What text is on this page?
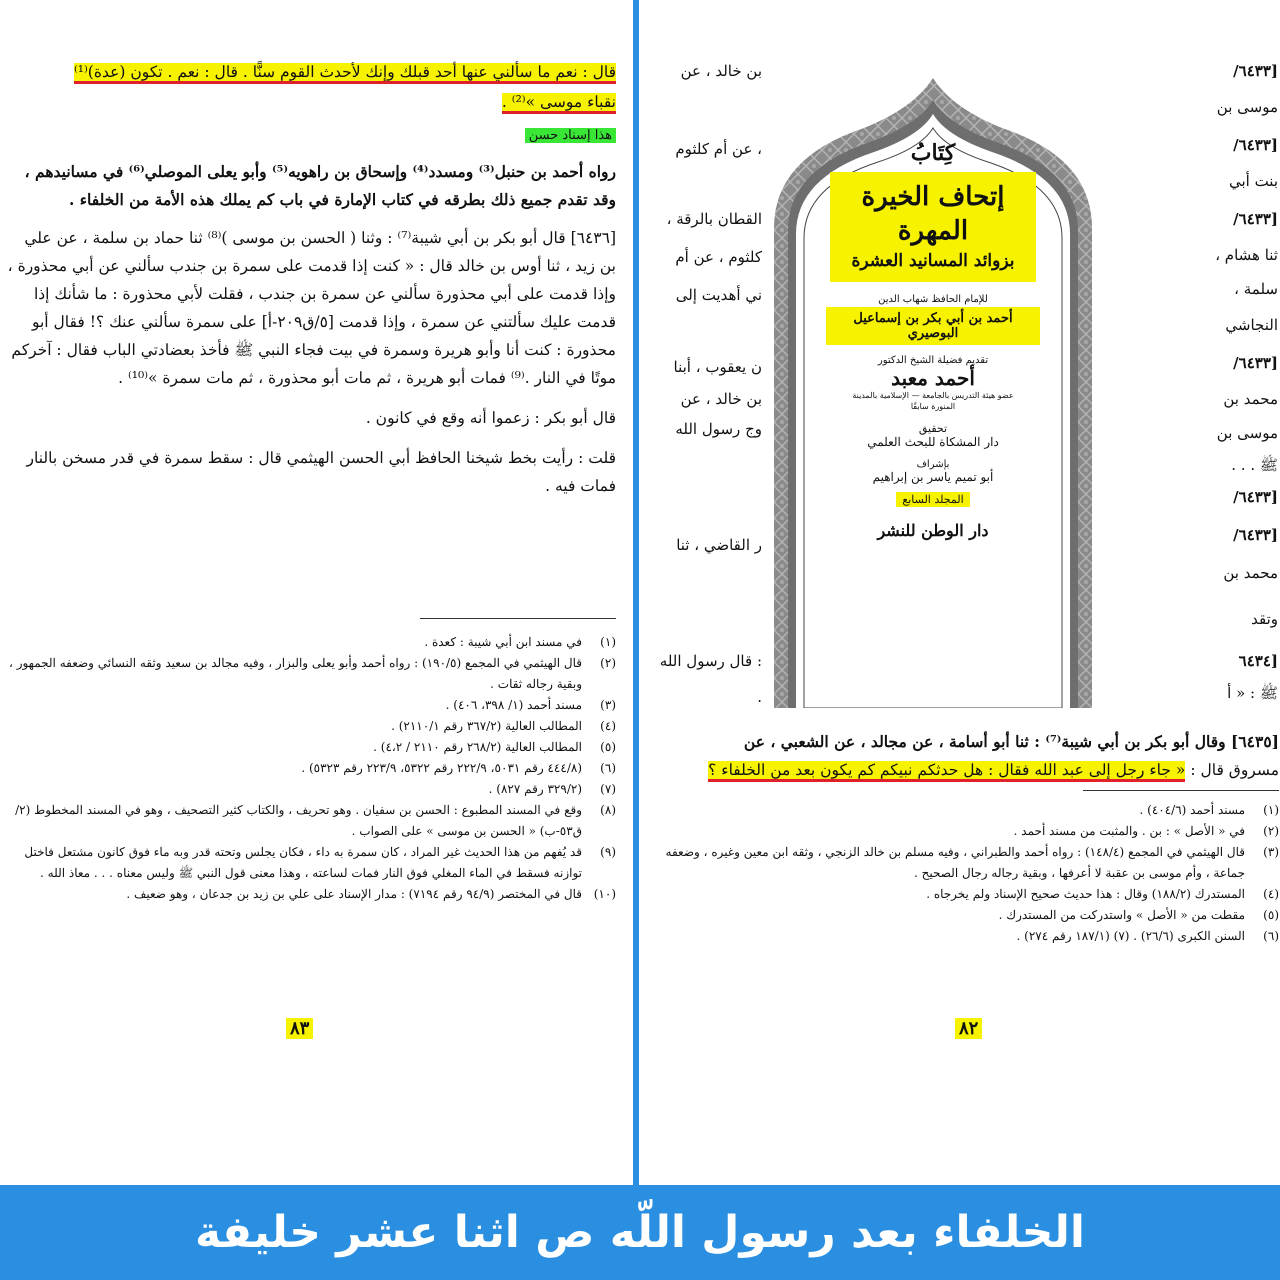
قال : نعم ما سألني عنها أحد قبلك وإنك لأحدث القوم سنًّا . قال : نعم . تكون (عدة)⁽¹⁾

نقباء موسى »⁽²⁾ .

هذا إسناد حسن

رواه أحمد بن حنبل⁽³⁾ ومسدد⁽⁴⁾ وإسحاق بن راهويه⁽⁵⁾ وأبو يعلى الموصلي⁽⁶⁾ في مسانيدهم ، وقد تقدم جميع ذلك بطرقه في كتاب الإمارة في باب كم يملك هذه الأمة من الخلفاء .

[٦٤٣٦] قال أبو بكر بن أبي شيبة⁽⁷⁾ : وثنا ( الحسن بن موسى )⁽⁸⁾ ثنا حماد بن سلمة ، عن علي بن زيد ، ثنا أوس بن خالد قال : « كنت إذا قدمت على سمرة بن جندب سألني عن أبي محذورة ، وإذا قدمت على أبي محذورة سألني عن سمرة بن جندب ، فقلت لأبي محذورة : ما شأنك إذا قدمت عليك سألتني عن سمرة ، وإذا قدمت [٥/ق٢٠٩-أ] على سمرة سألني عنك ؟! فقال أبو محذورة : كنت أنا وأبو هريرة وسمرة في بيت فجاء النبي ﷺ فأخذ بعضادتي الباب فقال : آخركم موتًا في النار .⁽⁹⁾ فمات أبو هريرة ، ثم مات أبو محذورة ، ثم مات سمرة »⁽¹⁰⁾ .

قال أبو بكر : زعموا أنه وقع في كانون .

قلت : رأيت بخط شيخنا الحافظ أبي الحسن الهيثمي قال : سقط سمرة في قدر مسخن بالنار فمات فيه .

(١)
في مسند ابن أبي شيبة : كعدة .
(٢)
قال الهيثمي في المجمع (١٩٠/٥) : رواه أحمد وأبو يعلى والبزار ، وفيه مجالد بن سعيد وثقه النسائي وضعفه الجمهور ، وبقية رجاله ثقات .
(٣)
مسند أحمد (١/ ٣٩٨، ٤٠٦) .
(٤)
المطالب العالية (٣٦٧/٢ رقم ٢١١٠/١) .
(٥)
المطالب العالية (٢٦٨/٢ رقم ٢١١٠ / ٤،٢) .
(٦)
(٤٤٤/٨ رقم ٥٠٣١، ٢٢٢/٩ رقم ٥٣٢٢، ٢٢٣/٩ رقم ٥٣٢٣) .
(٧)
(٣٢٩/٢ رقم ٨٢٧) .
(٨)
وقع في المسند المطبوع : الحسن بن سفيان . وهو تحريف ، والكتاب كثير التصحيف ، وهو في المسند المخطوط (٢/ق٥٣-ب) « الحسن بن موسى » على الصواب .
(٩)
قد يُفهم من هذا الحديث غير المراد ، كان سمرة به داء ، فكان يجلس وتحته قدر وبه ماء فوق كانون مشتعل فاختل توازنه فسقط في الماء المغلي فوق النار فمات لساعته ، وهذا معنى قول النبي ﷺ وليس معناه . . . معاذ الله .
(١٠)
قال في المختصر (٩٤/٩ رقم ٧١٩٤) : مدار الإسناد على علي بن زيد بن جدعان ، وهو ضعيف .
٨٣
[٦٤٣٣/
موسى بن
[٦٤٣٣/
بنت أبي
[٦٤٣٣/
ثنا هشام ،
سلمة ،
النجاشي
[٦٤٣٣/
محمد بن
موسى بن
ﷺ . . .
[٦٤٣٣/
[٦٤٣٣/
محمد بن
وتقد
[٦٤٣٤
ﷺ : « أ
بن خالد ، عن
، عن أم كلثوم
القطان بالرقة ،
كلثوم ، عن أم
ني أهديت إلى
ن يعقوب ، أبنا
بن خالد ، عن
وج رسول الله
ر القاضي ، ثنا
: قال رسول الله
.

[٦٤٣٥] وقال أبو بكر بن أبي شيبة⁽⁷⁾ : ثنا أبو أسامة ، عن مجالد ، عن الشعبي ، عن

مسروق قال : « جاء رجل إلى عبد الله فقال : هل حدثكم نبيكم كم يكون بعد من الخلفاء ؟

(١)
مسند أحمد (٤٠٤/٦) .
(٢)
في « الأصل » : بن . والمثبت من مسند أحمد .
(٣)
قال الهيثمي في المجمع (١٤٨/٤) : رواه أحمد والطبراني ، وفيه مسلم بن خالد الزنجي ، وثقه ابن معين وغيره ، وضعفه جماعة ، وأم موسى بن عقبة لا أعرفها ، وبقية رجاله رجال الصحيح .
(٤)
المستدرك (١٨٨/٢) وقال : هذا حديث صحيح الإسناد ولم يخرجاه .
(٥)
مقطت من « الأصل » واستدركت من المستدرك .
(٦)
السنن الكبرى (٢٦/٦) . (٧) (١٨٧/١ رقم ٢٧٤) .
٨٢
كِتَابُ
إتحاف الخيرة المهرة
بزوائد المسانيد العشرة
للإمام الحافظ شهاب الدين
أحمد بن أبي بكر بن إسماعيل البوصيري
تقديم فضيلة الشيخ الدكتور
أحمد معبد
عضو هيئة التدريس بالجامعة — الإسلامية بالمدينة المنورة سابقًا
تحقيق
دار المشكاة للبحث العلمي
بإشراف
أبو تميم ياسر بن إبراهيم
المجلد السابع
دار الوطن للنشر
الخلفاء بعد رسول اللّه ص اثنا عشر خليفة
